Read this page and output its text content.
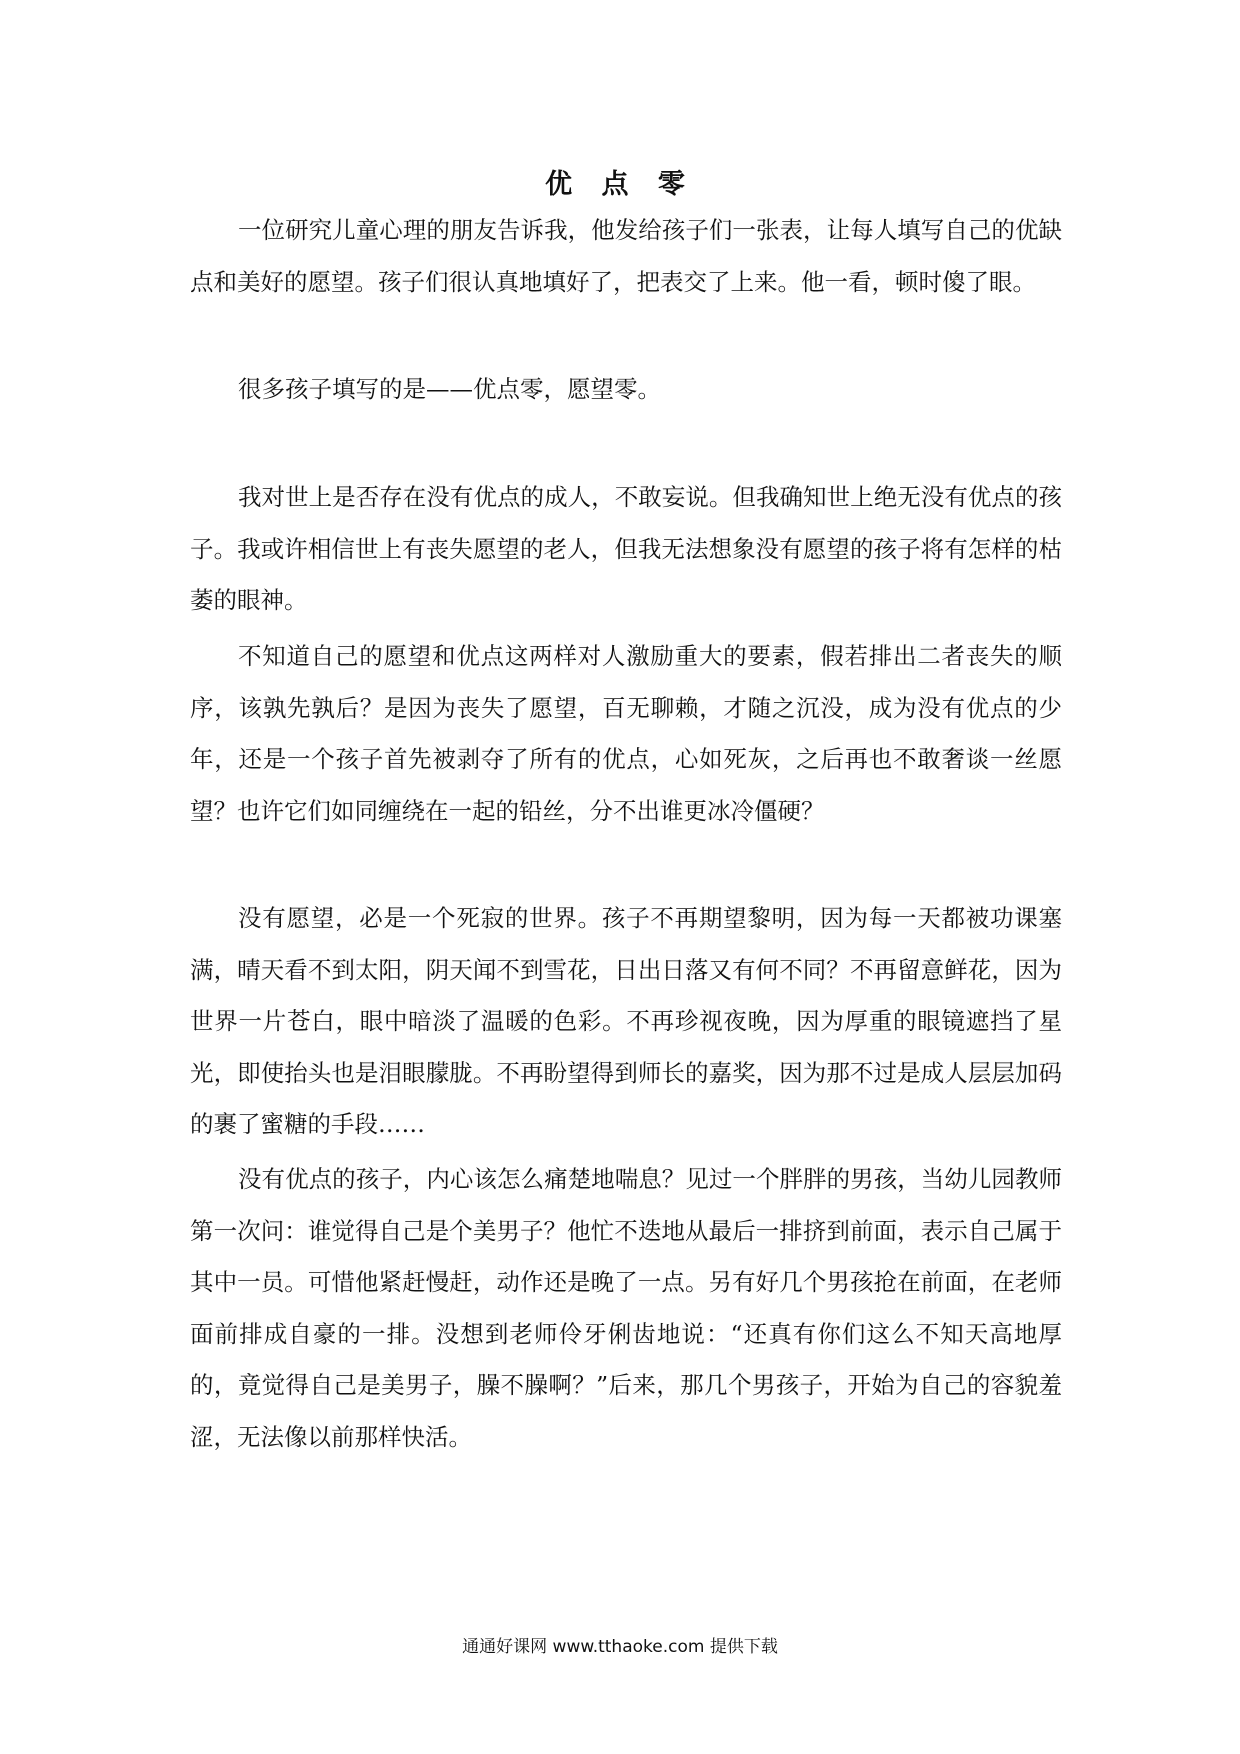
优 点 零

一位研究儿童心理的朋友告诉我，他发给孩子们一张表，让每人填写自己的优缺点和美好的愿望。孩子们很认真地填好了，把表交了上来。他一看，顿时傻了眼。

很多孩子填写的是——优点零，愿望零。

我对世上是否存在没有优点的成人，不敢妄说。但我确知世上绝无没有优点的孩子。我或许相信世上有丧失愿望的老人，但我无法想象没有愿望的孩子将有怎样的枯萎的眼神。

不知道自己的愿望和优点这两样对人激励重大的要素，假若排出二者丧失的顺序，该孰先孰后？是因为丧失了愿望，百无聊赖，才随之沉没，成为没有优点的少年，还是一个孩子首先被剥夺了所有的优点，心如死灰，之后再也不敢奢谈一丝愿望？也许它们如同缠绕在一起的铅丝，分不出谁更冰冷僵硬？

没有愿望，必是一个死寂的世界。孩子不再期望黎明，因为每一天都被功课塞满，晴天看不到太阳，阴天闻不到雪花，日出日落又有何不同？不再留意鲜花，因为世界一片苍白，眼中暗淡了温暖的色彩。不再珍视夜晚，因为厚重的眼镜遮挡了星光，即使抬头也是泪眼朦胧。不再盼望得到师长的嘉奖，因为那不过是成人层层加码的裹了蜜糖的手段……

没有优点的孩子，内心该怎么痛楚地喘息？见过一个胖胖的男孩，当幼儿园教师第一次问：谁觉得自己是个美男子？他忙不迭地从最后一排挤到前面，表示自己属于其中一员。可惜他紧赶慢赶，动作还是晚了一点。另有好几个男孩抢在前面，在老师面前排成自豪的一排。没想到老师伶牙俐齿地说：“还真有你们这么不知天高地厚的，竟觉得自己是美男子，臊不臊啊？”后来，那几个男孩子，开始为自己的容貌羞涩，无法像以前那样快活。

通通好课网 www.tthaoke.com 提供下载
